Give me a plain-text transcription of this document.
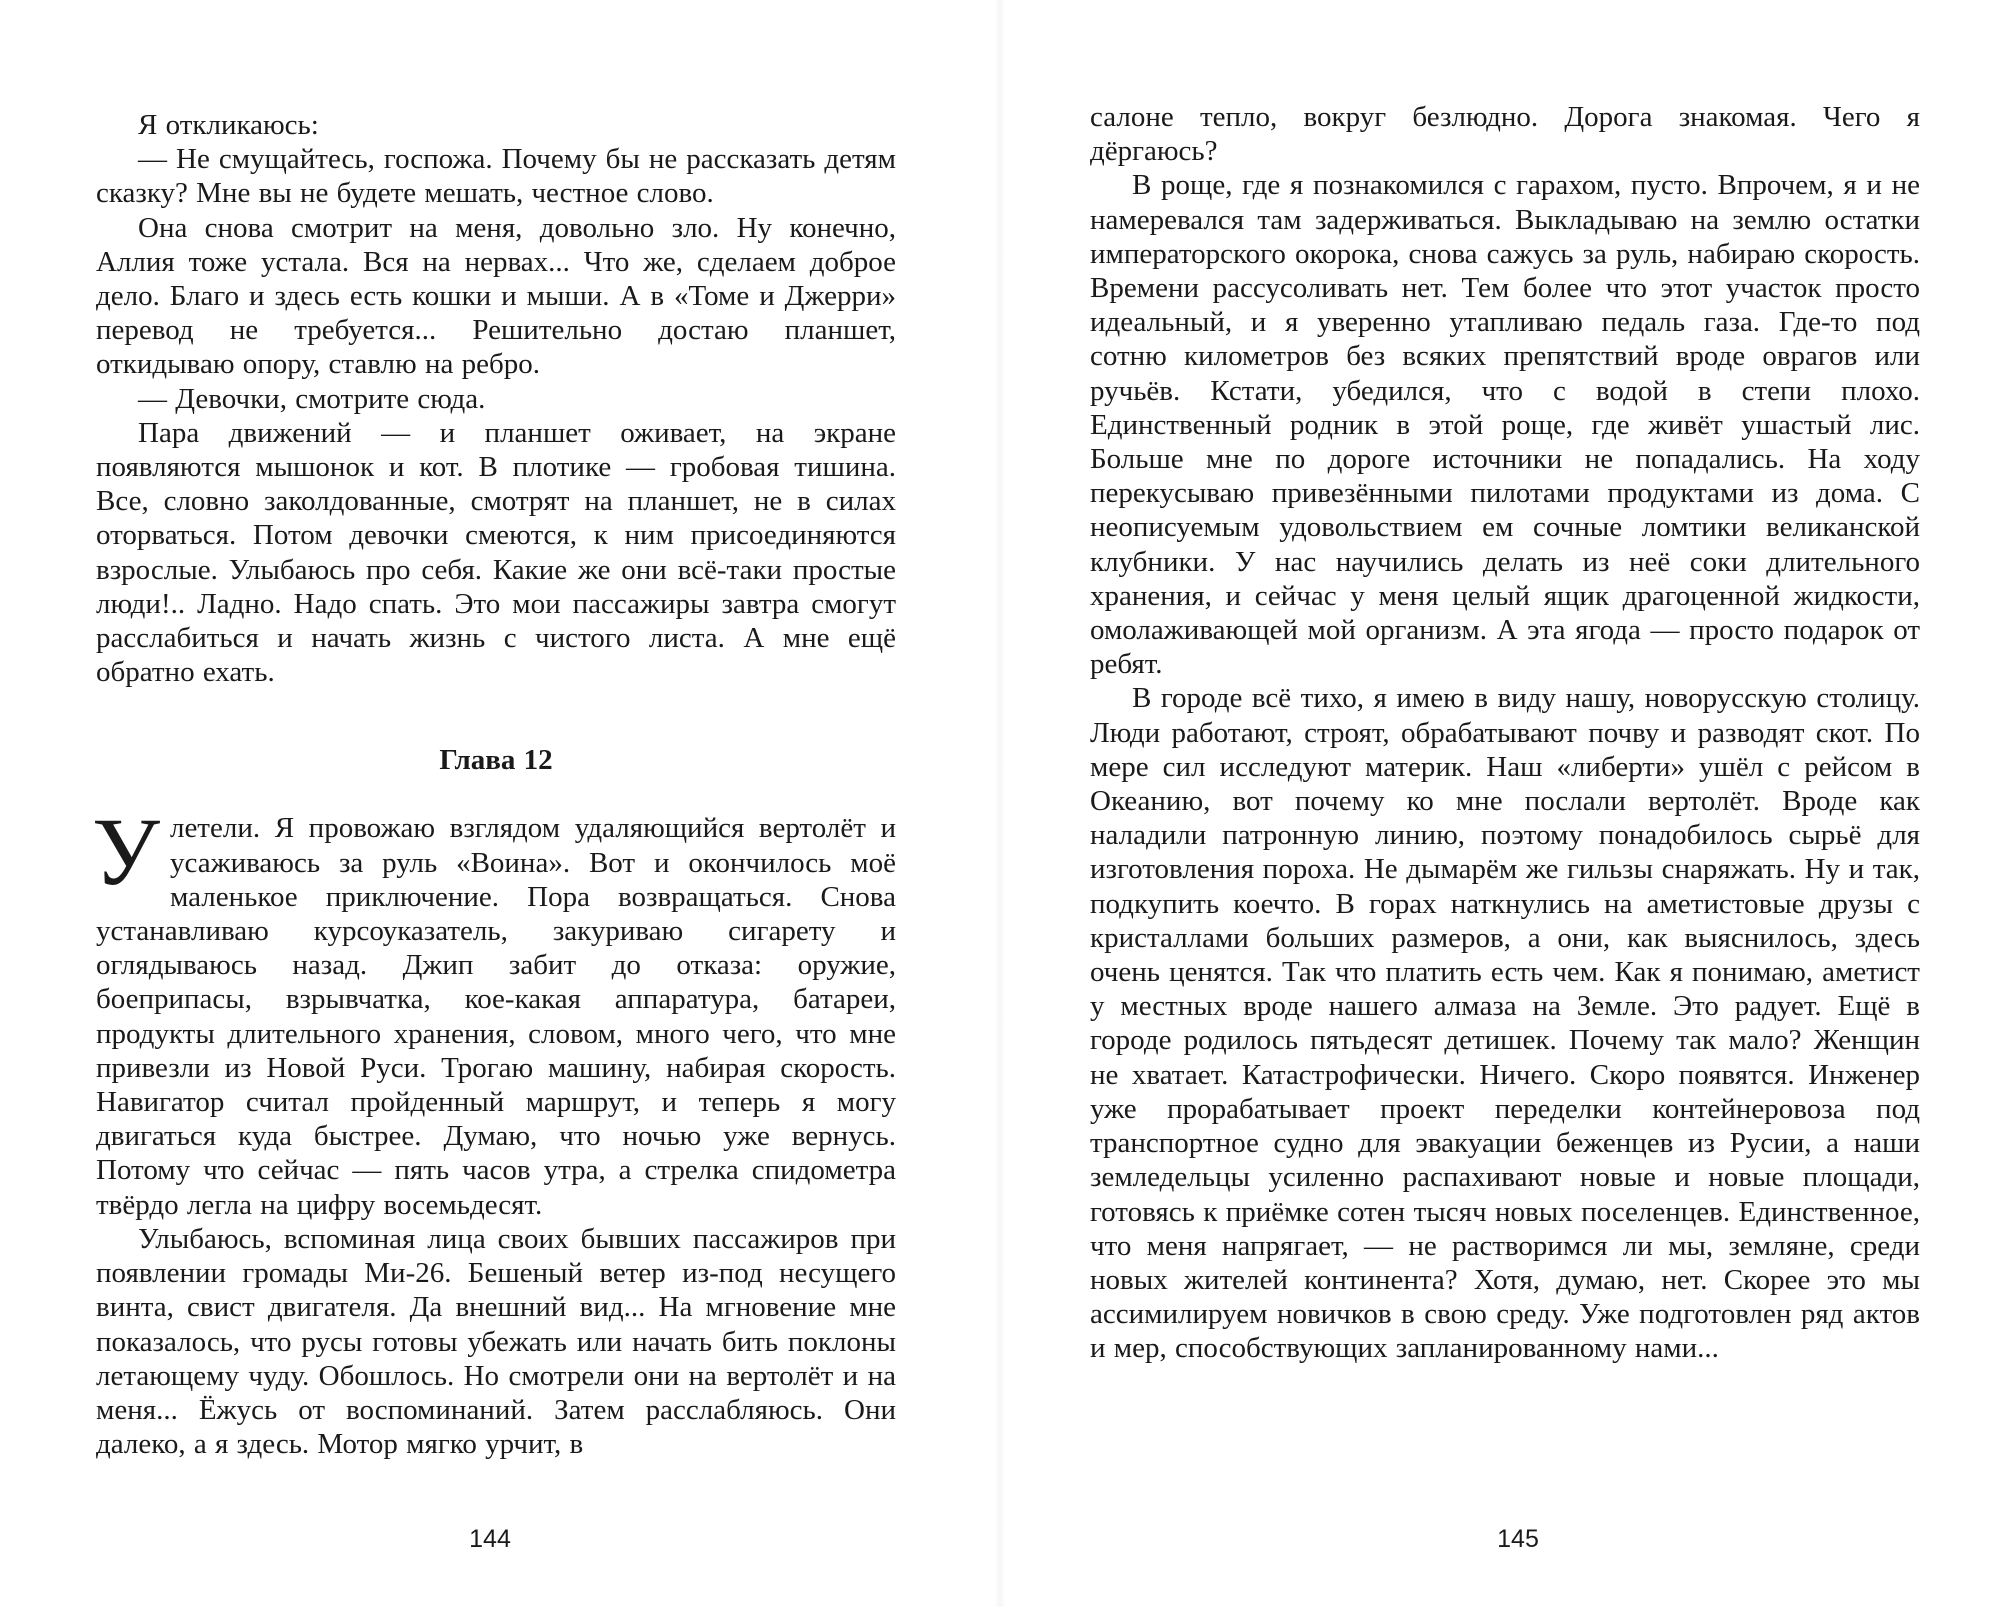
Я откликаюсь:

— Не смущайтесь, госпожа. Почему бы не рассказать детям сказку? Мне вы не будете мешать, честное слово.

Она снова смотрит на меня, довольно зло. Ну конечно, Аллия тоже устала. Вся на нервах... Что же, сделаем доброе дело. Благо и здесь есть кошки и мыши. А в «Томе и Джерри» перевод не требуется... Решительно достаю планшет, откидываю опору, ставлю на ребро.

— Девочки, смотрите сюда.

Пара движений — и планшет оживает, на экране появляются мышонок и кот. В плотике — гробовая тишина. Все, словно заколдованные, смотрят на планшет, не в силах оторваться. Потом девочки смеются, к ним присоединяются взрослые. Улыбаюсь про себя. Какие же они всё-таки простые люди!.. Ладно. Надо спать. Это мои пассажиры завтра смогут расслабиться и начать жизнь с чистого листа. А мне ещё обратно ехать.

Глава 12

Улетели. Я провожаю взглядом удаляющийся вертолёт и усаживаюсь за руль «Воина». Вот и окончилось моё маленькое приключение. Пора возвращаться. Снова устанавливаю курсоуказатель, закуриваю сигарету и оглядываюсь назад. Джип забит до отказа: оружие, боеприпасы, взрывчатка, кое-какая аппаратура, батареи, продукты длительного хранения, словом, много чего, что мне привезли из Новой Руси. Трогаю машину, набирая скорость. Навигатор считал пройденный маршрут, и теперь я могу двигаться куда быстрее. Думаю, что ночью уже вернусь. Потому что сейчас — пять часов утра, а стрелка спидометра твёрдо легла на цифру восемьдесят.

Улыбаюсь, вспоминая лица своих бывших пассажиров при появлении громады Ми-26. Бешеный ветер из-под несущего винта, свист двигателя. Да внешний вид... На мгновение мне показалось, что русы готовы убежать или начать бить поклоны летающему чуду. Обошлось. Но смотрели они на вертолёт и на меня... Ёжусь от воспоминаний. Затем расслабляюсь. Они далеко, а я здесь. Мотор мягко урчит, в

144

салоне тепло, вокруг безлюдно. Дорога знакомая. Чего я дёргаюсь?

В роще, где я познакомился с гарахом, пусто. Впрочем, я и не намеревался там задерживаться. Выкладываю на землю остатки императорского окорока, снова сажусь за руль, набираю скорость. Времени рассусоливать нет. Тем более что этот участок просто идеальный, и я уверенно утапливаю педаль газа. Где-то под сотню километров без всяких препятствий вроде оврагов или ручьёв. Кстати, убедился, что с водой в степи плохо. Единственный родник в этой роще, где живёт ушастый лис. Больше мне по дороге источники не попадались. На ходу перекусываю привезёнными пилотами продуктами из дома. С неописуемым удовольствием ем сочные ломтики великанской клубники. У нас научились делать из неё соки длительного хранения, и сейчас у меня целый ящик драгоценной жидкости, омолаживающей мой организм. А эта ягода — просто подарок от ребят.

В городе всё тихо, я имею в виду нашу, новорусскую столицу. Люди работают, строят, обрабатывают почву и разводят скот. По мере сил исследуют материк. Наш «либерти» ушёл с рейсом в Океанию, вот почему ко мне послали вертолёт. Вроде как наладили патронную линию, поэтому понадобилось сырьё для изготовления пороха. Не дымарём же гильзы снаряжать. Ну и так, подкупить коечто. В горах наткнулись на аметистовые друзы с кристаллами больших размеров, а они, как выяснилось, здесь очень ценятся. Так что платить есть чем. Как я понимаю, аметист у местных вроде нашего алмаза на Земле. Это радует. Ещё в городе родилось пятьдесят детишек. Почему так мало? Женщин не хватает. Катастрофически. Ничего. Скоро появятся. Инженер уже прорабатывает проект переделки контейнеровоза под транспортное судно для эвакуации беженцев из Русии, а наши земледельцы усиленно распахивают новые и новые площади, готовясь к приёмке сотен тысяч новых поселенцев. Единственное, что меня напрягает, — не растворимся ли мы, земляне, среди новых жителей континента? Хотя, думаю, нет. Скорее это мы ассимилируем новичков в свою среду. Уже подготовлен ряд актов и мер, способствующих запланированному нами...

145
